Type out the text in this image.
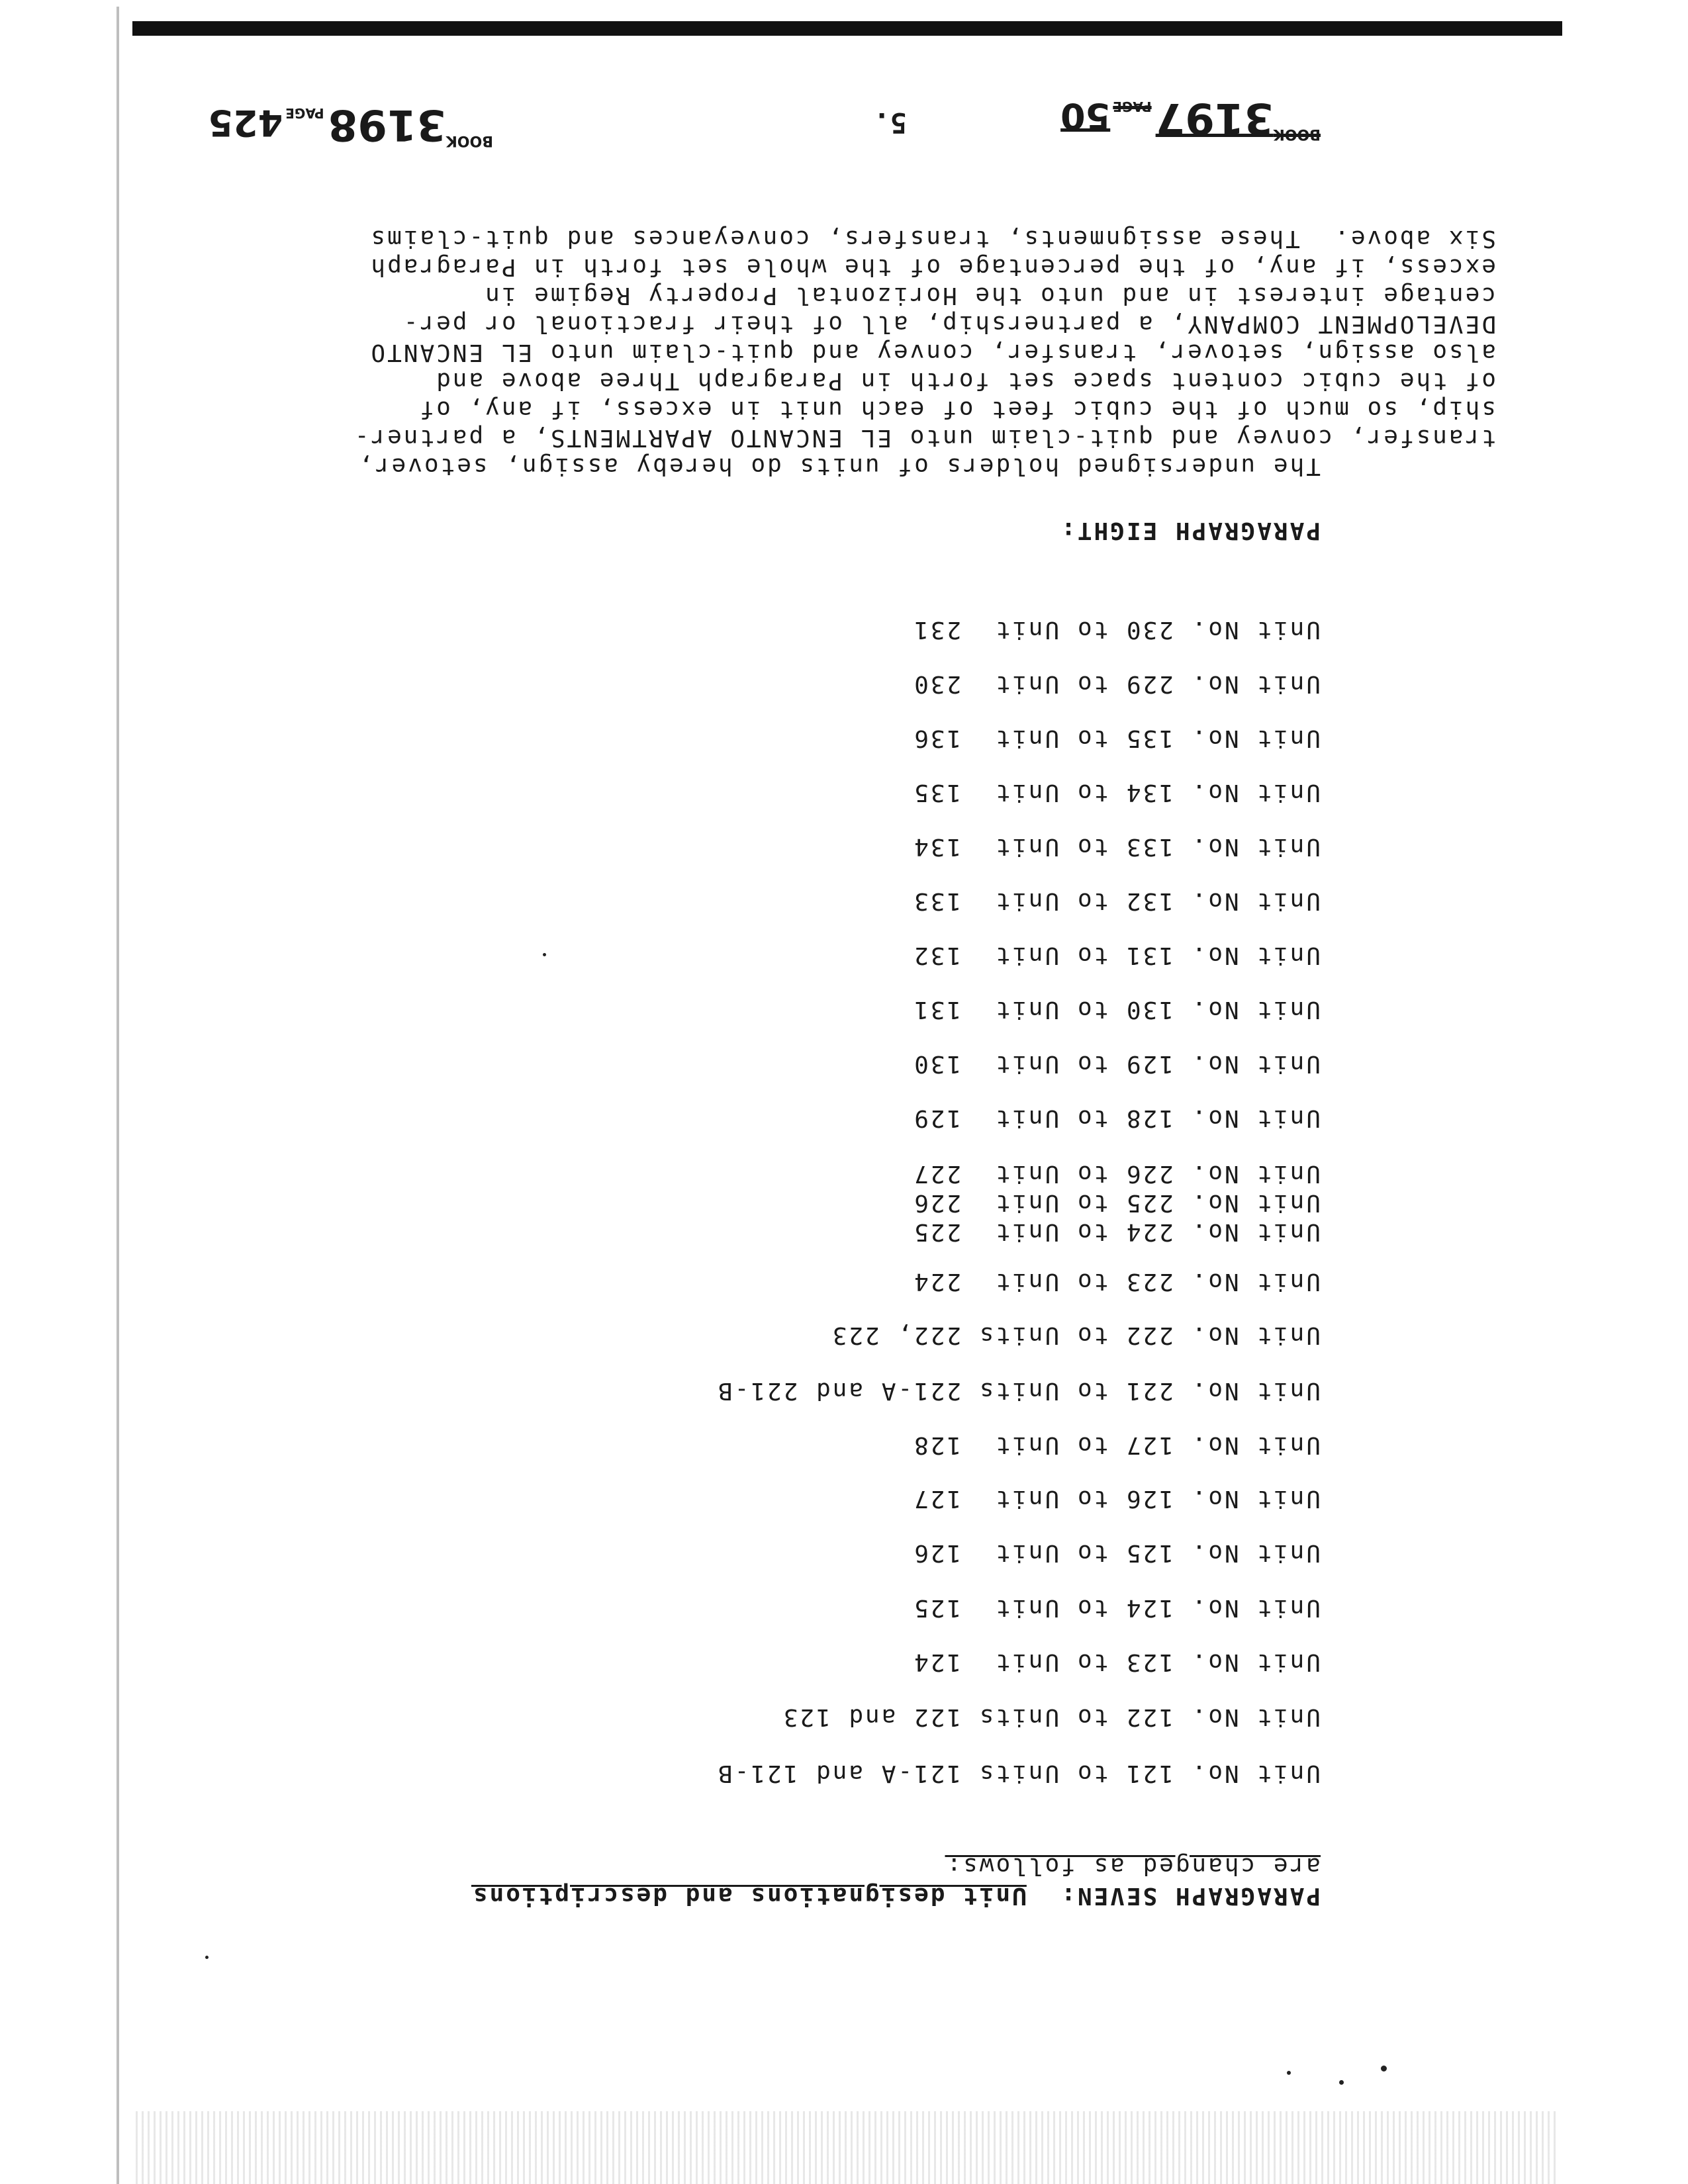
BOOK3198PAGE425	5.	BOOK3197PAGE50
PARAGRAPH SEVEN:  Unit designations and descriptions
are changed as follows:
Unit No. 121 to Units 121-A and 121-B
Unit No. 122 to Units 122 and 123
Unit No. 123 to Unit  124
Unit No. 124 to Unit  125
Unit No. 125 to Unit  126
Unit No. 126 to Unit  127
Unit No. 127 to Unit  128
Unit No. 221 to Units 221-A and 221-B
Unit No. 222 to Units 222, 223
Unit No. 223 to Unit  224
Unit No. 224 to Unit  225
Unit No. 225 to Unit  226
Unit No. 226 to Unit  227
Unit No. 128 to Unit  129
Unit No. 129 to Unit  130
Unit No. 130 to Unit  131
Unit No. 131 to Unit  132
Unit No. 132 to Unit  133
Unit No. 133 to Unit  134
Unit No. 134 to Unit  135
Unit No. 135 to Unit  136
Unit No. 229 to Unit  230
Unit No. 230 to Unit  231
PARAGRAPH EIGHT:
The undersigned holders of units do hereby assign, setover,
transfer, convey and quit-claim unto EL ENCANTO APARTMENTS, a partner-
ship, so much of the cubic feet of each unit in excess, if any, of
of the cubic content space set forth in Paragraph Three above and
also assign, setover, transfer, convey and quit-claim unto EL ENCANTO
DEVELOPMENT COMPANY, a partnership, all of their fractional or per-
centage interest in and unto the Horizontal Property Regime in
excess, if any, of the percentage of the whole set forth in Paragraph
Six above.  These assignments, transfers, conveyances and quit-claims
